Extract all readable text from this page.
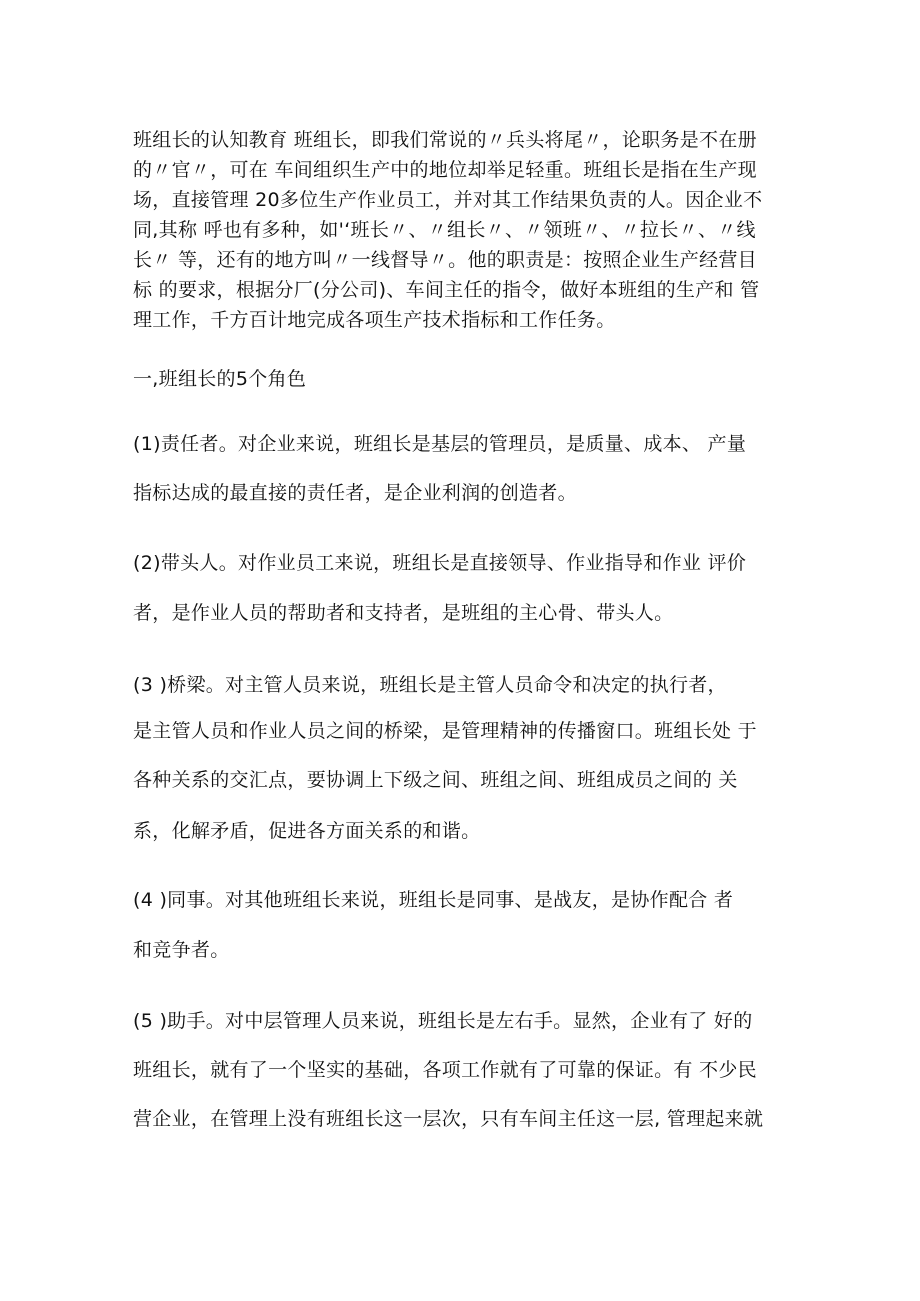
班组长的认知教育 班组长，即我们常说的〃兵头将尾〃，论职务是不在册
的〃官〃，可在 车间组织生产中的地位却举足轻重。班组长是指在生产现
场，直接管理 20多位生产作业员工，并对其工作结果负责的人。因企业不
同,其称 呼也有多种，如'‘班长〃、〃组长〃、〃领班〃、〃拉长〃、〃线
长〃 等，还有的地方叫〃一线督导〃。他的职责是：按照企业生产经营目
标 的要求，根据分厂(分公司)、车间主任的指令，做好本班组的生产和 管
理工作，千方百计地完成各项生产技术指标和工作任务。
一,班组长的5个角色
(1)责任者。对企业来说，班组长是基层的管理员，是质量、成本、 产量
指标达成的最直接的责任者，是企业利润的创造者。
(2)带头人。对作业员工来说，班组长是直接领导、作业指导和作业 评价
者，是作业人员的帮助者和支持者，是班组的主心骨、带头人。
(3 )桥梁。对主管人员来说，班组长是主管人员命令和决定的执行者，
是主管人员和作业人员之间的桥梁，是管理精神的传播窗口。班组长处 于
各种关系的交汇点，要协调上下级之间、班组之间、班组成员之间的 关
系，化解矛盾，促进各方面关系的和谐。
(4 )同事。对其他班组长来说，班组长是同事、是战友，是协作配合 者
和竞争者。
(5 )助手。对中层管理人员来说，班组长是左右手。显然，企业有了 好的
班组长，就有了一个坚实的基础，各项工作就有了可靠的保证。有 不少民
营企业，在管理上没有班组长这一层次，只有车间主任这一层, 管理起来就
